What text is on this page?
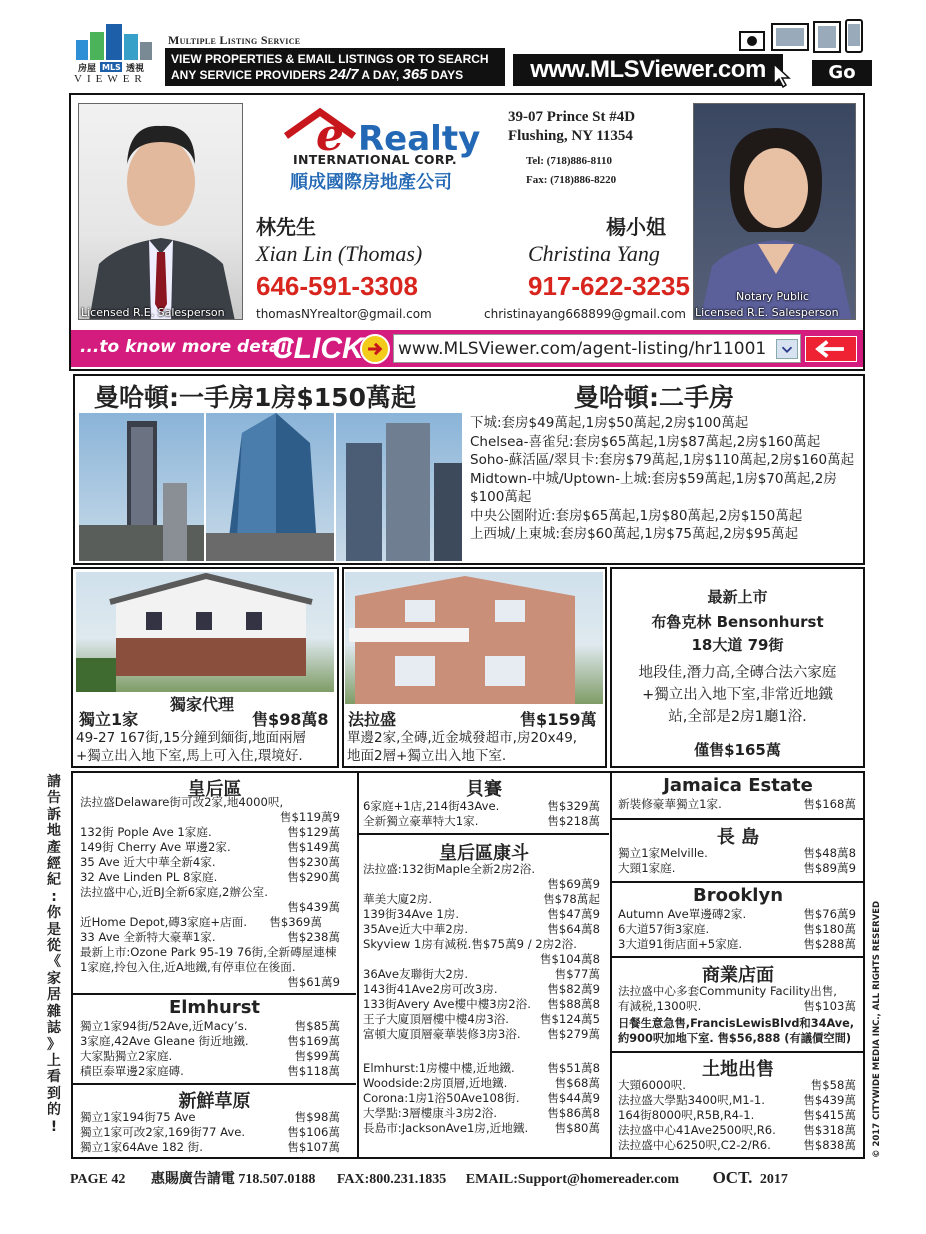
房屋 MLS 透視
VIEWER
Multiple Listing Service
VIEW PROPERTIES & EMAIL LISTINGS OR TO SEARCH
ANY SERVICE PROVIDERS 24/7 A DAY, 365 DAYS	www.MLSViewer.com	Go
Licensed R.E. Salesperson
Notary Public
Licensed R.E. Salesperson
e Realty
INTERNATIONAL CORP.
順成國際房地產公司
39-07 Prince St #4D
Flushing, NY 11354
Tel: (718)886-8110
Fax: (718)886-8220
林先生
Xian Lin (Thomas)
646-591-3308
thomasNYrealtor@gmail.com
楊小姐
Christina Yang
917-622-3235
christinayang668899@gmail.com
...to know more detail
CLICK www.MLSViewer.com/agent-listing/hr11001
曼哈頓:一手房1房$150萬起	曼哈頓:二手房
下城:套房$49萬起,1房$50萬起,2房$100萬起
Chelsea-喜雀兒:套房$65萬起,1房$87萬起,2房$160萬起
Soho-蘇活區/翠貝卡:套房$79萬起,1房$110萬起,2房$160萬起
Midtown-中城/Uptown-上城:套房$59萬起,1房$70萬起,2房
$100萬起
中央公園附近:套房$65萬起,1房$80萬起,2房$150萬起
上西城/上東城:套房$60萬起,1房$75萬起,2房$95萬起
獨家代理
獨立1家	售$98萬8
49-27 167街,15分鐘到緬街,地面兩層
+獨立出入地下室,馬上可入住,環境好.
法拉盛	售$159萬
單邊2家,全磚,近金城發超市,房20x49,
地面2層+獨立出入地下室.
最新上市
布魯克林 Bensonhurst
18大道 79街
地段佳,潛力高,全磚合法六家庭
+獨立出入地下室,非常近地鐵
站,全部是2房1廳1浴.
僅售$165萬
請
告
訴
地
產
經
紀
:
你
是
從
《
家
居
雜
誌
》
上
看
到
的
!
皇后區
法拉盛Delaware街可改2家,地4000呎,
售$119萬9
132街 Pople Ave 1家庭.	售$129萬
149街 Cherry Ave 單邊2家.	售$149萬
35 Ave 近大中華全新4家.	售$230萬
32 Ave Linden PL 8家庭.	售$290萬
法拉盛中心,近BJ全新6家庭,2辦公室.
售$439萬
近Home Depot,磚3家庭+店面. 售$369萬
33 Ave 全新特大豪華1家.	售$238萬
最新上市:Ozone Park 95-19 76街,全新磚屋連棟
1家庭,拎包入住,近A地鐵,有停車位在後面.
售$61萬9
Elmhurst
獨立1家94街/52Ave,近Macy’s.	售$85萬
3家庭,42Ave Gleane 街近地鐵.	售$169萬
大家點獨立2家庭.	售$99萬
積臣泰單邊2家庭磚.	售$118萬
新鮮草原
獨立1家194街75 Ave	售$98萬
獨立1家可改2家,169街77 Ave.	售$106萬
獨立1家64Ave 182 街.	售$107萬
貝賽
6家庭+1店,214街43Ave.	售$329萬
全新獨立豪華特大1家.	售$218萬
皇后區康斗
法拉盛:132街Maple全新2房2浴.
售$69萬9
華美大廈2房.	售$78萬起
139街34Ave 1房.	售$47萬9
35Ave近大中華2房.	售$64萬8
Skyview 1房有減税.售$75萬9 / 2房2浴.
售$104萬8
36Ave友聯街大2房.	售$77萬
143街41Ave2房可改3房.	售$82萬9
133街Avery Ave樓中樓3房2浴. 售$88萬8
王子大廈頂層樓中樓4房3浴.	售$124萬5
富頓大廈頂層豪華裝修3房3浴. 售$279萬
Elmhurst:1房樓中樓,近地鐵.	售$51萬8
Woodside:2房頂層,近地鐵.	售$68萬
Corona:1房1浴50Ave108街. 售$44萬9
大學點:3層樓康斗3房2浴.	售$86萬8
長島市:JacksonAve1房,近地鐵. 售$80萬
Jamaica Estate
新裝修豪華獨立1家.	售$168萬
長 島
獨立1家Melville.	售$48萬8
大頸1家庭.	售$89萬9
Brooklyn
Autumn Ave單邊磚2家.	售$76萬9
6大道57街3家庭.	售$180萬
3大道91街店面+5家庭.	售$288萬
商業店面
法拉盛中心多套Community Facility出售,
有減税,1300呎.	售$103萬
日餐生意急售,FrancisLewisBlvd和34Ave,
約900呎加地下室. 售$56,888 (有議價空間)
土地出售
大頸6000呎.	售$58萬
法拉盛大學點3400呎,M1-1.	售$439萬
164街8000呎,R5B,R4-1.	售$415萬
法拉盛中心41Ave2500呎,R6. 售$318萬
法拉盛中心6250呎,C2-2/R6.	售$838萬 © 2017 CITYWIDE MEDIA INC., ALL RIGHTS RESERVED
PAGE 42 惠賜廣告請電 718.507.0188 FAX:800.231.1835 EMAIL:Support@homereader.com OCT. 2017
